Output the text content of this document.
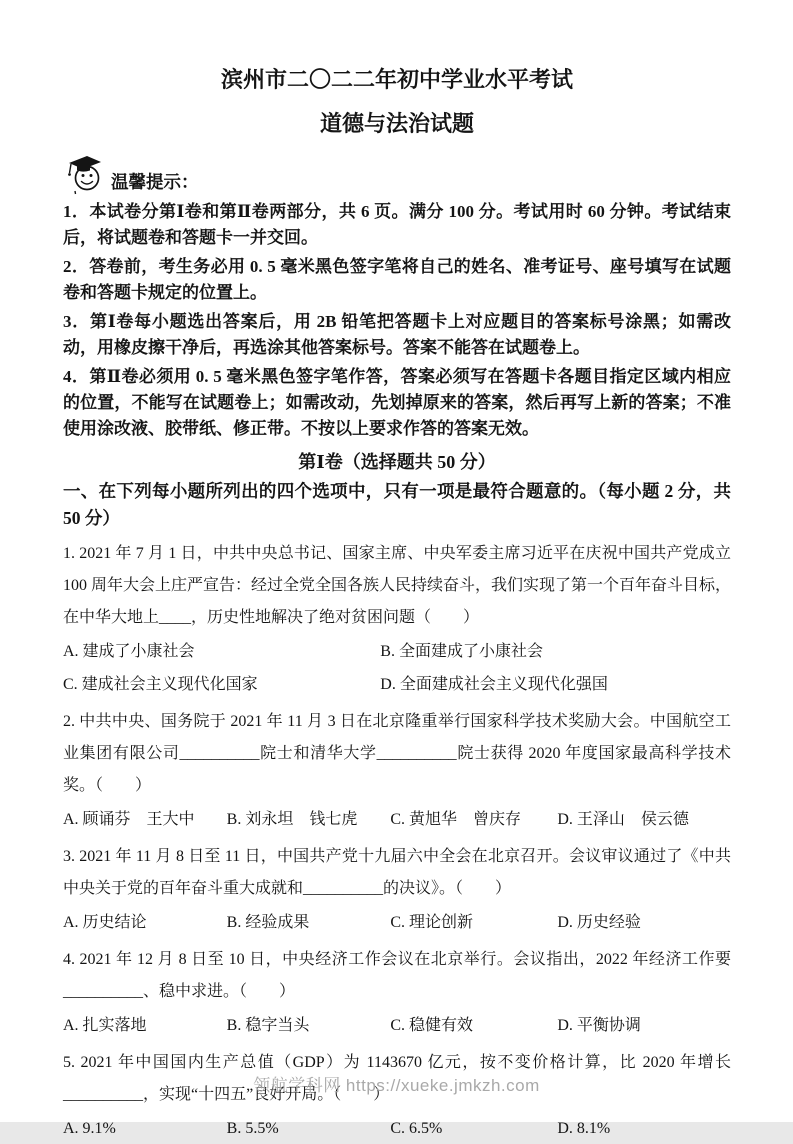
滨州市二〇二二年初中学业水平考试
道德与法治试题
温馨提示：

1．本试卷分第Ⅰ卷和第Ⅱ卷两部分，共 6 页。满分 100 分。考试用时 60 分钟。考试结束后，将试题卷和答题卡一并交回。

2．答卷前，考生务必用 0. 5 毫米黑色签字笔将自己的姓名、准考证号、座号填写在试题卷和答题卡规定的位置上。

3．第Ⅰ卷每小题选出答案后，用 2B 铅笔把答题卡上对应题目的答案标号涂黑；如需改动，用橡皮擦干净后，再选涂其他答案标号。答案不能答在试题卷上。

4．第Ⅱ卷必须用 0. 5 毫米黑色签字笔作答，答案必须写在答题卡各题目指定区域内相应的位置，不能写在试题卷上；如需改动，先划掉原来的答案，然后再写上新的答案；不准使用涂改液、胶带纸、修正带。不按以上要求作答的答案无效。

第Ⅰ卷（选择题共 50 分）
一、在下列每小题所列出的四个选项中，只有一项是最符合题意的。（每小题 2 分，共 50 分）

1. 2021 年 7 月 1 日，中共中央总书记、国家主席、中央军委主席习近平在庆祝中国共产党成立 100 周年大会上庄严宣告：经过全党全国各族人民持续奋斗，我们实现了第一个百年奋斗目标，在中华大地上____，历史性地解决了绝对贫困问题（　　）

A. 建成了小康社会	B. 全面建成了小康社会
C. 建成社会主义现代化国家	D. 全面建成社会主义现代化强国

2. 中共中央、国务院于 2021 年 11 月 3 日在北京隆重举行国家科学技术奖励大会。中国航空工业集团有限公司__________院士和清华大学__________院士获得 2020 年度国家最高科学技术奖。（　　）

A. 顾诵芬　王大中	B. 刘永坦　钱七虎	C. 黄旭华　曾庆存	D. 王泽山　侯云德

3. 2021 年 11 月 8 日至 11 日，中国共产党十九届六中全会在北京召开。会议审议通过了《中共中央关于党的百年奋斗重大成就和__________的决议》。（　　）

A. 历史结论	B. 经验成果	C. 理论创新	D. 历史经验

4. 2021 年 12 月 8 日至 10 日，中央经济工作会议在北京举行。会议指出，2022 年经济工作要__________、稳中求进。（　　）

A. 扎实落地	B. 稳字当头	C. 稳健有效	D. 平衡协调

5. 2021 年中国国内生产总值（GDP）为 1143670 亿元，按不变价格计算，比 2020 年增长__________，实现“十四五”良好开局。（　　）

A. 9.1%	B. 5.5%	C. 6.5%	D. 8.1%
领航学科网 https://xueke.jmkzh.com
